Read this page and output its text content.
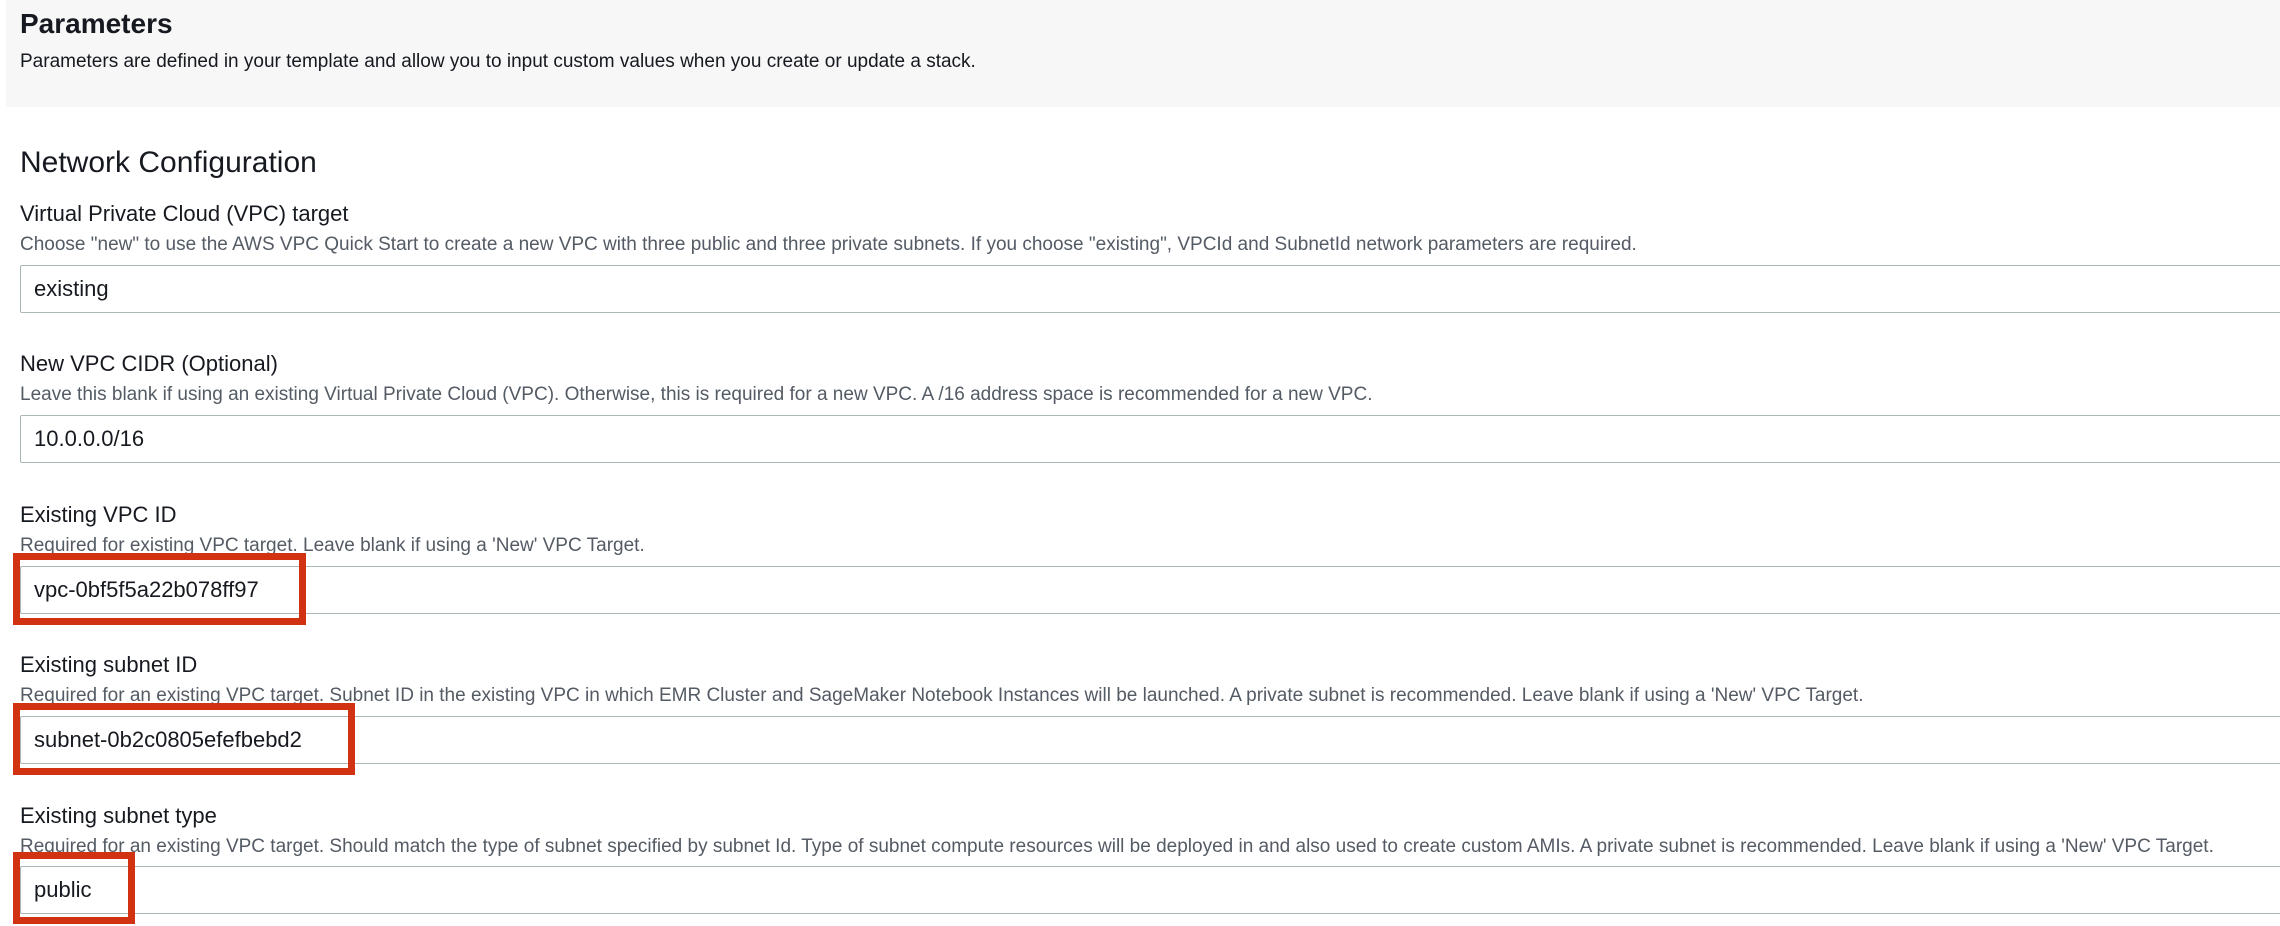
Parameters
Parameters are defined in your template and allow you to input custom values when you create or update a stack.
Network Configuration
Virtual Private Cloud (VPC) target
Choose "new" to use the AWS VPC Quick Start to create a new VPC with three public and three private subnets. If you choose "existing", VPCId and SubnetId network parameters are required.
existing
New VPC CIDR (Optional)
Leave this blank if using an existing Virtual Private Cloud (VPC). Otherwise, this is required for a new VPC. A /16 address space is recommended for a new VPC.
10.0.0.0/16
Existing VPC ID
Required for existing VPC target. Leave blank if using a 'New' VPC Target.
vpc-0bf5f5a22b078ff97
Existing subnet ID
Required for an existing VPC target. Subnet ID in the existing VPC in which EMR Cluster and SageMaker Notebook Instances will be launched. A private subnet is recommended. Leave blank if using a 'New' VPC Target.
subnet-0b2c0805efefbebd2
Existing subnet type
Required for an existing VPC target. Should match the type of subnet specified by subnet Id. Type of subnet compute resources will be deployed in and also used to create custom AMIs. A private subnet is recommended. Leave blank if using a 'New' VPC Target.
public
